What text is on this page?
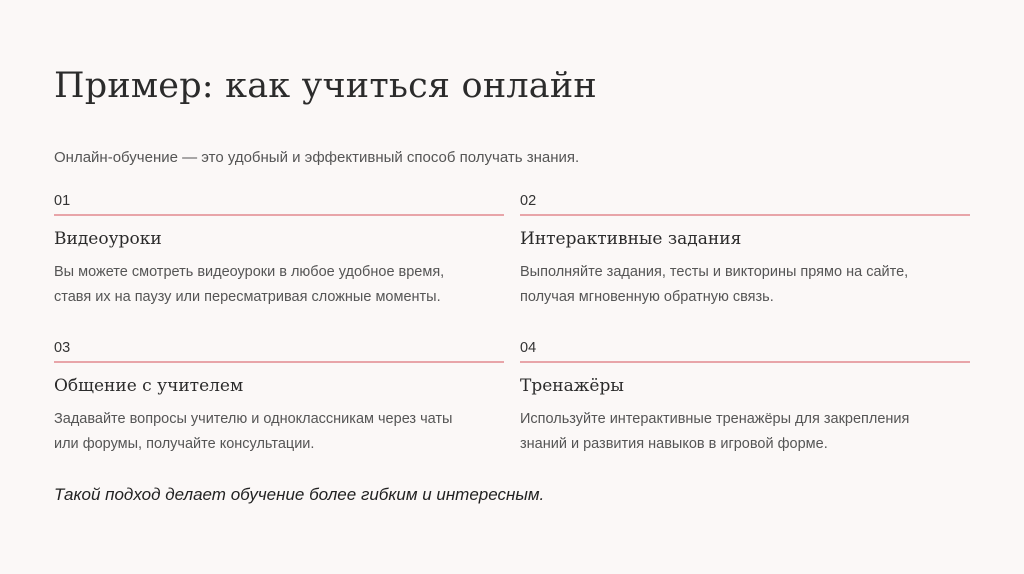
Пример: как учиться онлайн
Онлайн-обучение — это удобный и эффективный способ получать знания.
01
Видеоуроки
Вы можете смотреть видеоуроки в любое удобное время,
ставя их на паузу или пересматривая сложные моменты.
02
Интерактивные задания
Выполняйте задания, тесты и викторины прямо на сайте,
получая мгновенную обратную связь.
03
Общение с учителем
Задавайте вопросы учителю и одноклассникам через чаты
или форумы, получайте консультации.
04
Тренажёры
Используйте интерактивные тренажёры для закрепления
знаний и развития навыков в игровой форме.
Такой подход делает обучение более гибким и интересным.
